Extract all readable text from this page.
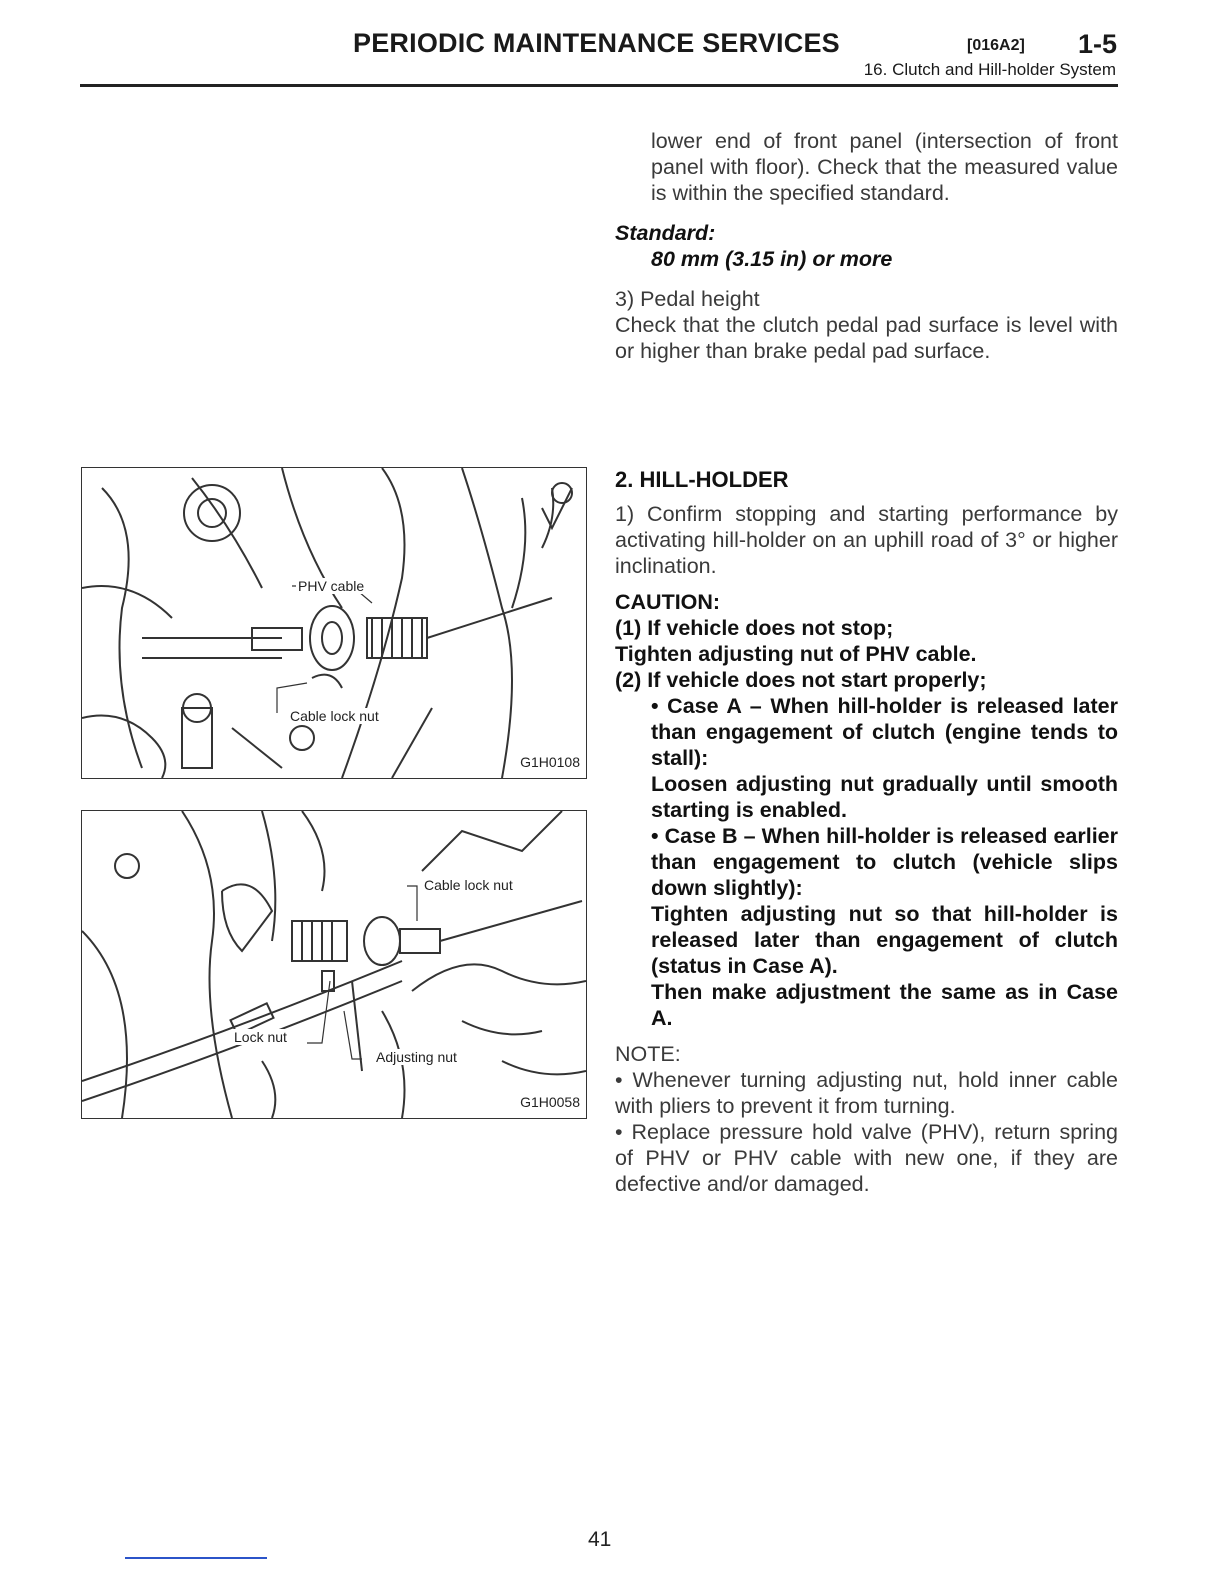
PERIODIC MAINTENANCE SERVICES	[016A2] 1-5
16. Clutch and Hill-holder System

lower end of front panel (intersection of front panel with floor). Check that the measured value is within the specified standard.

Standard:

80 mm (3.15 in) or more

3) Pedal height

Check that the clutch pedal pad surface is level with or higher than brake pedal pad surface.

2. HILL-HOLDER

1) Confirm stopping and starting performance by activating hill-holder on an uphill road of 3° or higher inclination.

CAUTION:

(1) If vehicle does not stop;

Tighten adjusting nut of PHV cable.

(2) If vehicle does not start properly;

• Case A – When hill-holder is released later than engagement of clutch (engine tends to stall):

Loosen adjusting nut gradually until smooth starting is enabled.

• Case B – When hill-holder is released earlier than engagement to clutch (vehicle slips down slightly):

Tighten adjusting nut so that hill-holder is released later than engagement of clutch (status in Case A).

Then make adjustment the same as in Case A.

NOTE:

• Whenever turning adjusting nut, hold inner cable with pliers to prevent it from turning.

• Replace pressure hold valve (PHV), return spring of PHV or PHV cable with new one, if they are defective and/or damaged.

PHV cable
Cable lock nut
G1H0108
Cable lock nut
Lock nut
Adjusting nut
G1H0058
41
